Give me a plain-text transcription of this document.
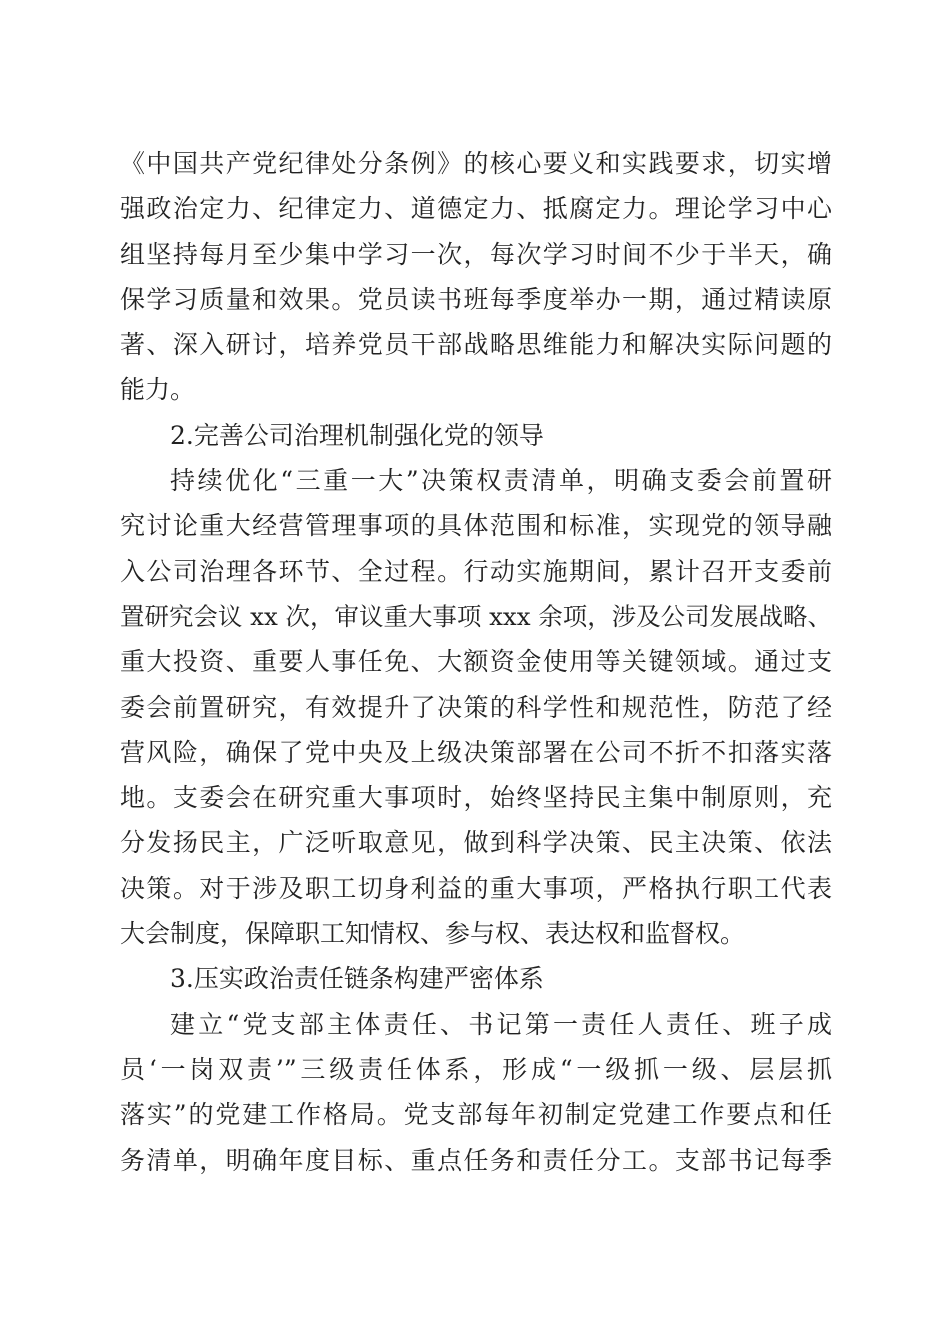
《中国共产党纪律处分条例》的核心要义和实践要求，切实增
强政治定力、纪律定力、道德定力、抵腐定力。理论学习中心
组坚持每月至少集中学习一次，每次学习时间不少于半天，确
保学习质量和效果。党员读书班每季度举办一期，通过精读原
著、深入研讨，培养党员干部战略思维能力和解决实际问题的
能力。
2.完善公司治理机制强化党的领导
持续优化“三重一大”决策权责清单，明确支委会前置研
究讨论重大经营管理事项的具体范围和标准，实现党的领导融
入公司治理各环节、全过程。行动实施期间，累计召开支委前
置研究会议 xx 次，审议重大事项 xxx 余项，涉及公司发展战略、
重大投资、重要人事任免、大额资金使用等关键领域。通过支
委会前置研究，有效提升了决策的科学性和规范性，防范了经
营风险，确保了党中央及上级决策部署在公司不折不扣落实落
地。支委会在研究重大事项时，始终坚持民主集中制原则，充
分发扬民主，广泛听取意见，做到科学决策、民主决策、依法
决策。对于涉及职工切身利益的重大事项，严格执行职工代表
大会制度，保障职工知情权、参与权、表达权和监督权。
3.压实政治责任链条构建严密体系
建立“党支部主体责任、书记第一责任人责任、班子成
员‘一岗双责’”三级责任体系，形成“一级抓一级、层层抓
落实”的党建工作格局。党支部每年初制定党建工作要点和任
务清单，明确年度目标、重点任务和责任分工。支部书记每季
